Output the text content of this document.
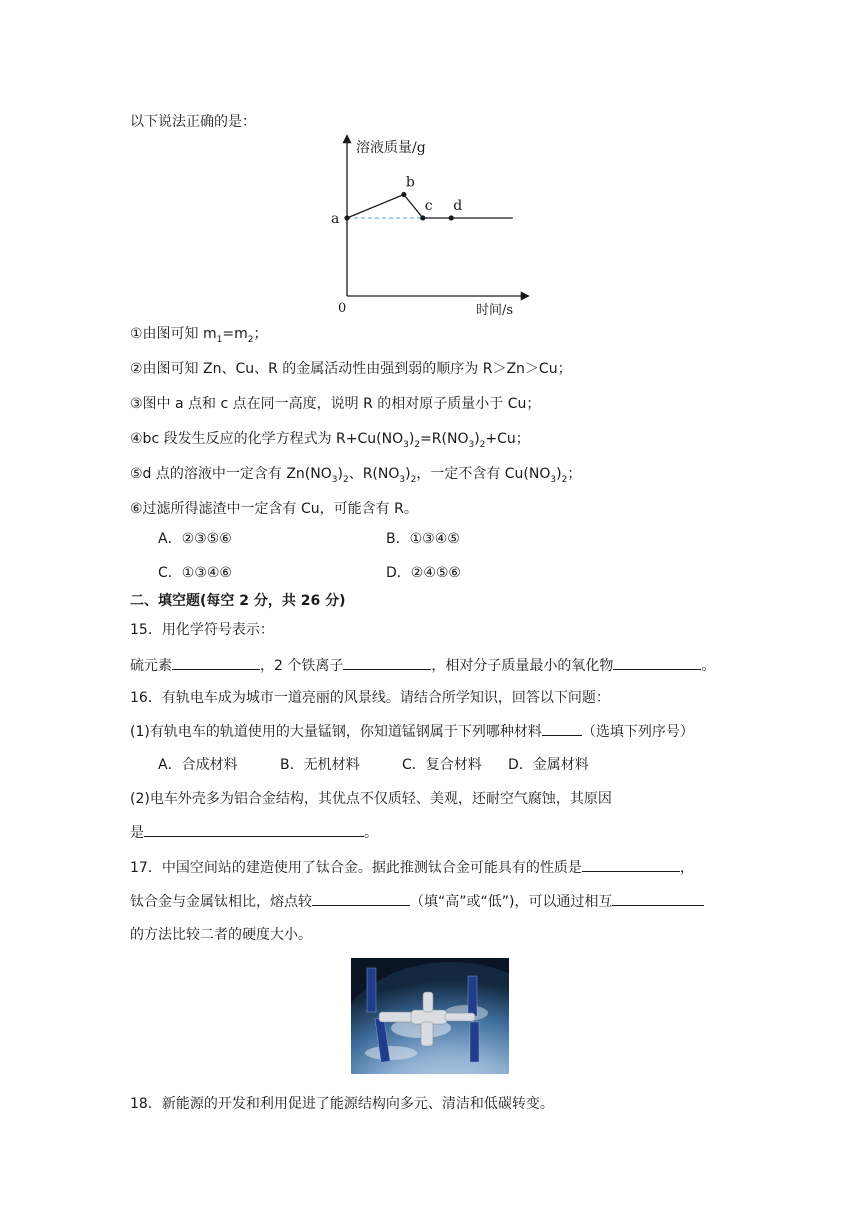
以下说法正确的是：
溶液质量/g
时间/s
0
a
b
c d
①由图可知 $m_1=m_2$；
②由图可知 Zn、Cu、R 的金属活动性由强到弱的顺序为 R＞Zn＞Cu；
③图中 a 点和 c 点在同一高度，说明 R 的相对原子质量小于 Cu；
④bc 段发生反应的化学方程式为 $R+Cu(NO_3)_2=R(NO_3)_2+Cu$；
⑤d 点的溶液中一定含有 $Zn(NO_3)_2$、$R(NO_3)_2$，一定不含有 $Cu(NO_3)_2$；
⑥过滤所得滤渣中一定含有 Cu，可能含有 R。
A．②③⑤⑥	B．①③④⑤
C．①③④⑥	D．②④⑤⑥
二、填空题(每空 2 分，共 26 分)
15．用化学符号表示：
硫元素	，2 个铁离子	，相对分子质量最小的氧化物	。
16．有轨电车成为城市一道亮丽的风景线。请结合所学知识，回答以下问题：
(1)有轨电车的轨道使用的大量锰钢，你知道锰钢属于下列哪种材料	（选填下列序号）
A．合成材料	B．无机材料	C．复合材料 D．金属材料
(2)电车外壳多为铝合金结构，其优点不仅质轻、美观，还耐空气腐蚀，其原因
是	。
17．中国空间站的建造使用了钛合金。据此推测钛合金可能具有的性质是	，
钛合金与金属钛相比，熔点较	（填“高”或“低”)，可以通过相互
的方法比较二者的硬度大小。
18．新能源的开发和利用促进了能源结构向多元、清洁和低碳转变。
